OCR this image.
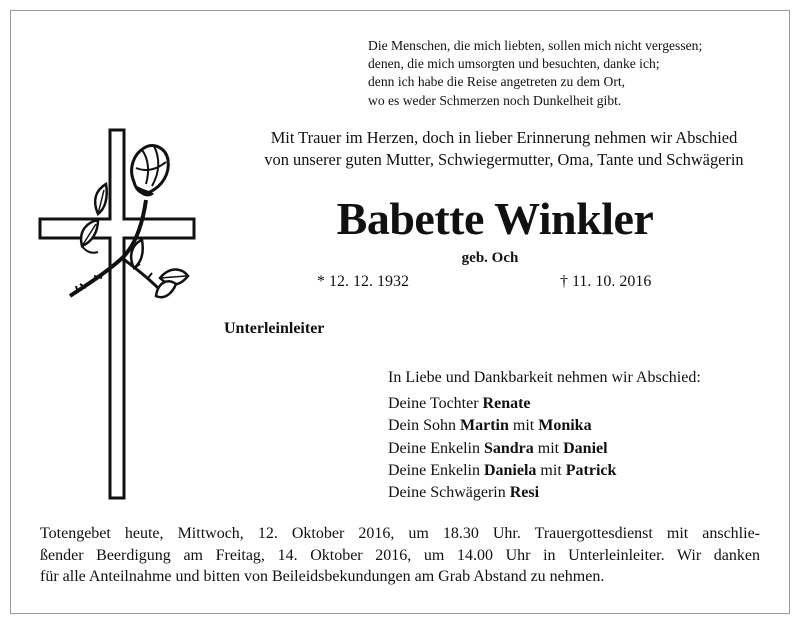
Die Menschen, die mich liebten, sollen mich nicht vergessen;
denen, die mich umsorgten und besuchten, danke ich;
denn ich habe die Reise angetreten zu dem Ort,
wo es weder Schmerzen noch Dunkelheit gibt.
Mit Trauer im Herzen, doch in lieber Erinnerung nehmen wir Abschied
von unserer guten Mutter, Schwiegermutter, Oma, Tante und Schwägerin
Babette Winkler
geb. Och
* 12. 12. 1932	† 11. 10. 2016
Unterleinleiter
In Liebe und Dankbarkeit nehmen wir Abschied:
Deine Tochter Renate
Dein Sohn Martin mit Monika
Deine Enkelin Sandra mit Daniel
Deine Enkelin Daniela mit Patrick
Deine Schwägerin Resi
Totengebet heute, Mittwoch, 12. Oktober 2016, um 18.30 Uhr. Trauergottesdienst mit anschlie-
ßender Beerdigung am Freitag, 14. Oktober 2016, um 14.00 Uhr in Unterleinleiter. Wir danken
für alle Anteilnahme und bitten von Beileidsbekundungen am Grab Abstand zu nehmen.
